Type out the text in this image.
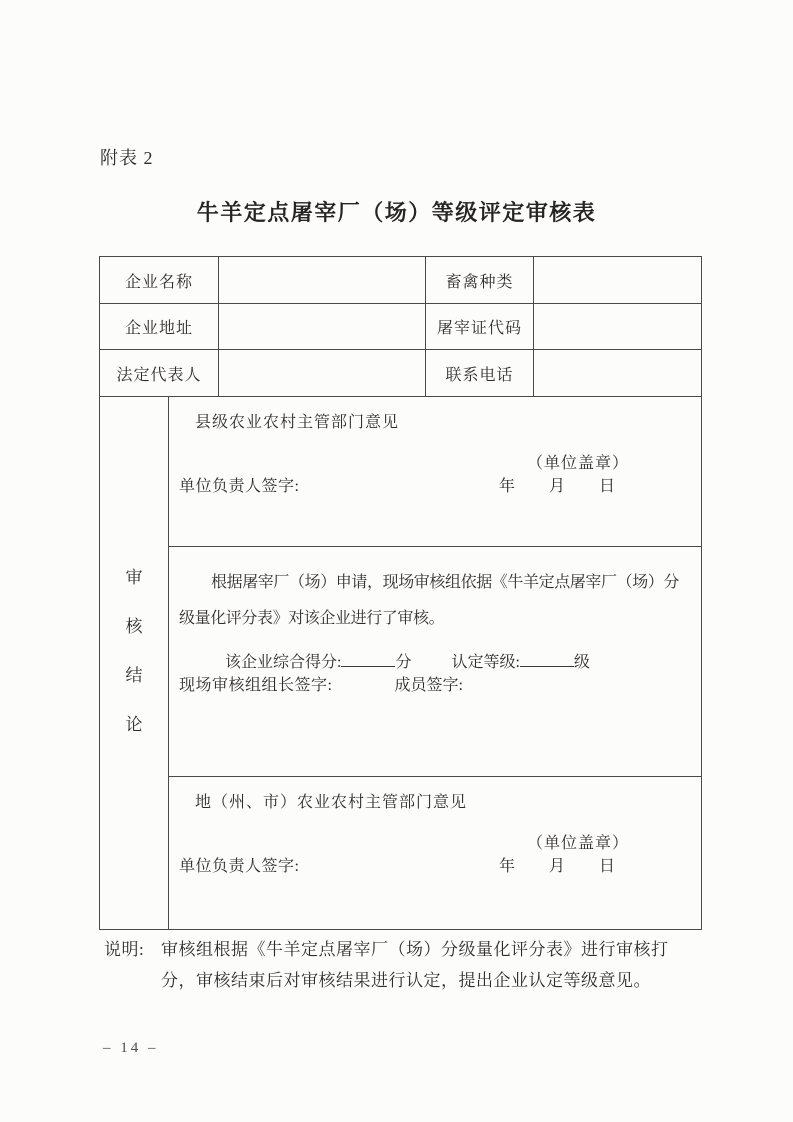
附表 2
牛羊定点屠宰厂（场）等级评定审核表
企业名称			畜禽种类	
企业地址			屠宰证代码	
法定代表人			联系电话	

审
核
结
论

县级农业农村主管部门意见
（单位盖章）
单位负责人签字:	年 月 日

根据屠宰厂（场）申请，现场审核组依据《牛羊定点屠宰厂（场）分级量化评分表》对该企业进行了审核。
该企业综合得分:	分	认定等级:	级
现场审核组组长签字:	成员签字:

地（州、市）农业农村主管部门意见
（单位盖章）
单位负责人签字:	年 月 日
说明: 审核组根据《牛羊定点屠宰厂（场）分级量化评分表》进行审核打分，审核结束后对审核结果进行认定，提出企业认定等级意见。
– 14 –
